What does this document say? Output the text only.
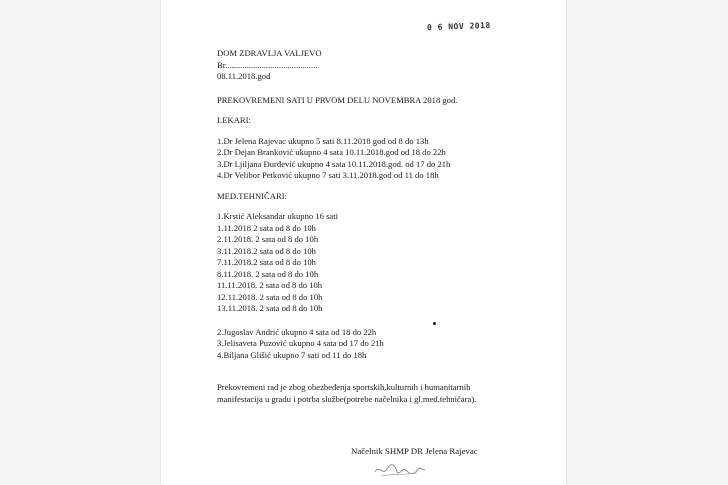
0 6 NOV 2018
DOM ZDRAVLJA VALJEVO
Br...........................................
08.11.2018.god
PREKOVREMENI SATI U PRVOM DELU NOVEMBRA 2018 god.
LEKARI:
1.Dr Jelena Rajevac ukupno 5 sati 8.11.2018 god od 8 do 13h
2.Dr Dejan Branković ukupno 4 sata 10.11.2018.god od 18 do 22h
3.Dr Ljiljana Đurđević ukupno 4 sata 10.11.2018.god. od 17 do 21h
4.Dr Velibor Petković ukupno 7 sati 3.11.2018.god od 11 do 18h
MED.TEHNIČARI:
1.Krstić Aleksandar ukupno 16 sati
1.11.2018 2 sata od 8 do 10h
2.11.2018. 2 sata od 8 do 10h
3.11.2018.2 sata od 8 do 10h
7.11.2018.2 sata od 8 do 10h
8.11.2018. 2 sata od 8 do 10h
11.11.2018. 2 sata od 8 do 10h
12.11.2018. 2 sata od 8 do 10h
13.11.2018. 2 sata od 8 do 10h
2.Jugoslav Andrić ukupno 4 sata od 18 do 22h
3.Jelisaveta Puzović ukupno 4 sata od 17 do 21h
4.Biljana Glišić ukupno 7 sati od 11 do 18h
Prekovremeni rad je zbog obezbeđenja sportskih,kulturnih i humanitarnih
manifestacija u gradu i potrba službe(potrebe načelnika i gl.med.tehničara).
Načelnik SHMP DR Jelena Rajevac
